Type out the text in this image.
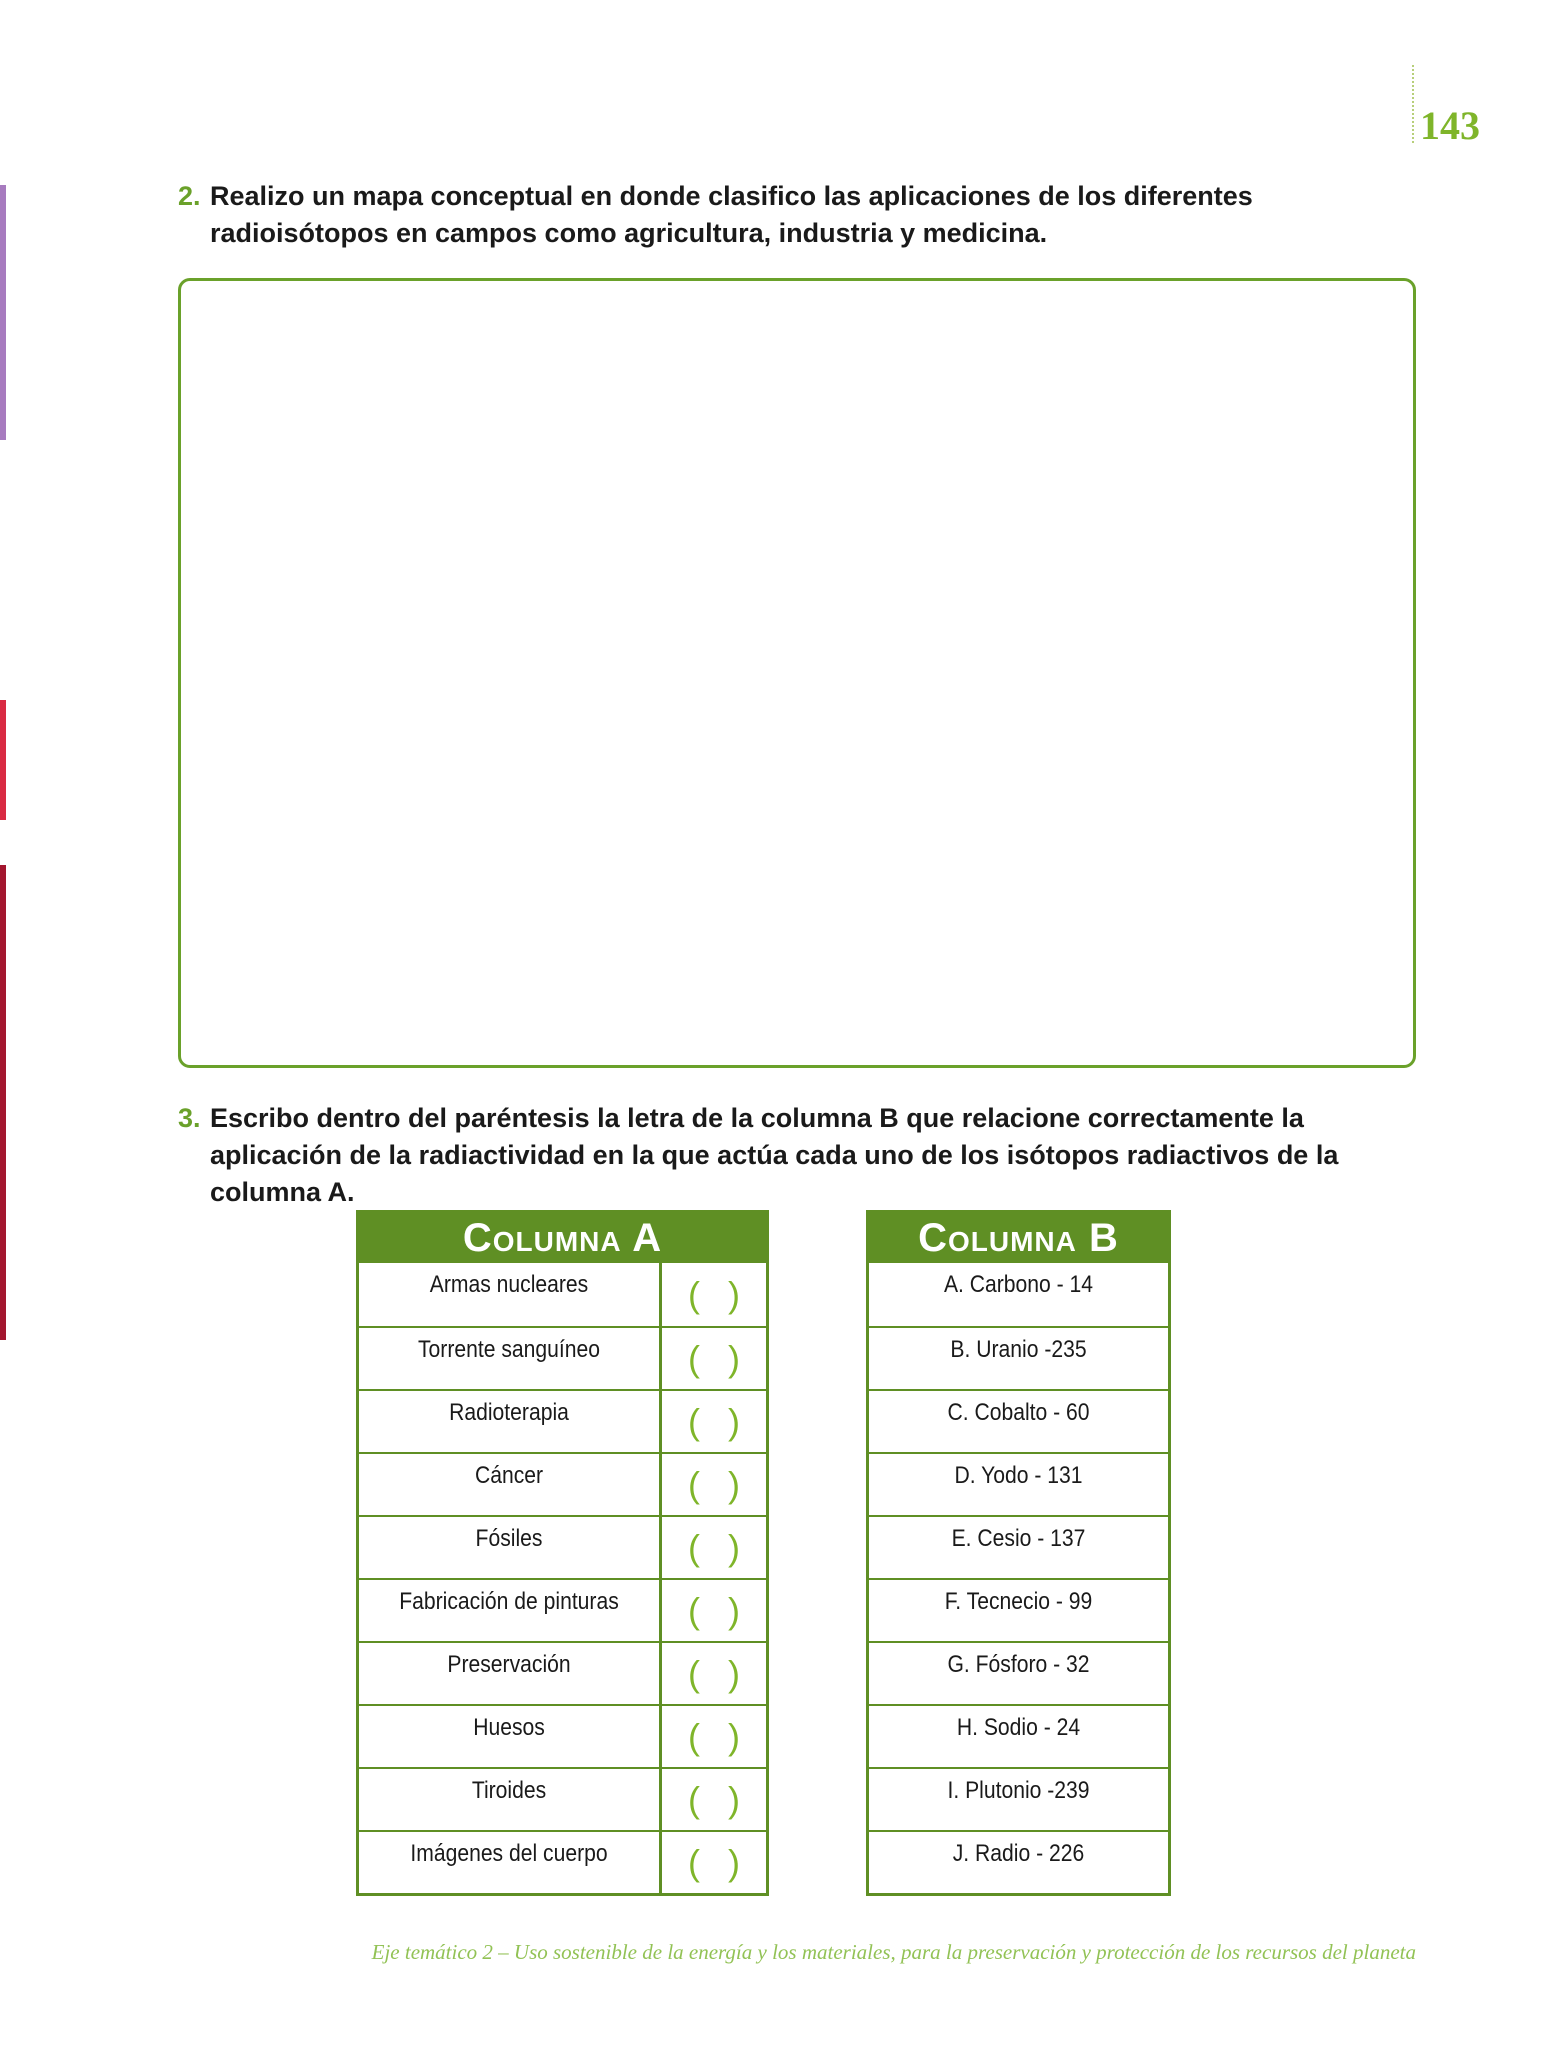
143
2. Realizo un mapa conceptual en donde clasifico las aplicaciones de los diferentes radioisótopos en campos como agricultura, industria y medicina.
3. Escribo dentro del paréntesis la letra de la columna B que relacione correctamente la aplicación de la radiactividad en la que actúa cada uno de los isótopos radiactivos de la columna A.
Columna A
Armas nucleares	( )
Torrente sanguíneo	( )
Radioterapia	( )
Cáncer	( )
Fósiles	( )
Fabricación de pinturas	( )
Preservación	( )
Huesos	( )
Tiroides	( )
Imágenes del cuerpo	( )
Columna B
A. Carbono - 14
B. Uranio -235
C. Cobalto - 60
D. Yodo - 131
E. Cesio - 137
F. Tecnecio - 99
G. Fósforo - 32
H. Sodio - 24
I. Plutonio -239
J. Radio - 226
Eje temático 2 – Uso sostenible de la energía y los materiales, para la preservación y protección de los recursos del planeta
